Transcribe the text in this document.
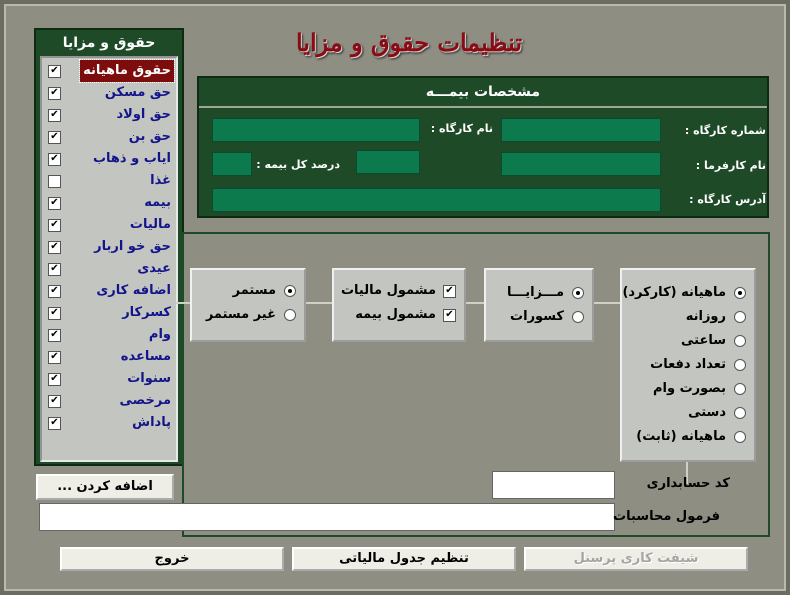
تنظیمات حقوق و مزایا
حقوق و مزایا
حقوق ماهیانه
✔
حق مسکن
✔
حق اولاد
✔
حق بن
✔
ایاب و ذهاب
✔
غذا
بیمه
✔
مالیات
✔
حق خو اربار
✔
عیدی
✔
اضافه کاری
✔
کسرکار
✔
وام
✔
مساعده
✔
سنوات
✔
مرخصی
✔
پاداش
✔
اضافه کردن ...
مشخصات بیمـــه
شماره کارگاه :
نام کارگاه :
نام کارفرما :
درصد کل بیمه :
آدرس کارگاه :
مستمر
غیر مستمر
✔
مشمول مالیات
✔
مشمول بیمه
مـــزایـــا
کسورات
ماهیانه (کارکرد)
روزانه
ساعتی
تعداد دفعات
بصورت وام
دستی
ماهیانه (ثابت)
کد حسابداری
فرمول محاسبات
خروج	تنظیم جدول مالیاتی	شیفت کاری پرسنل
